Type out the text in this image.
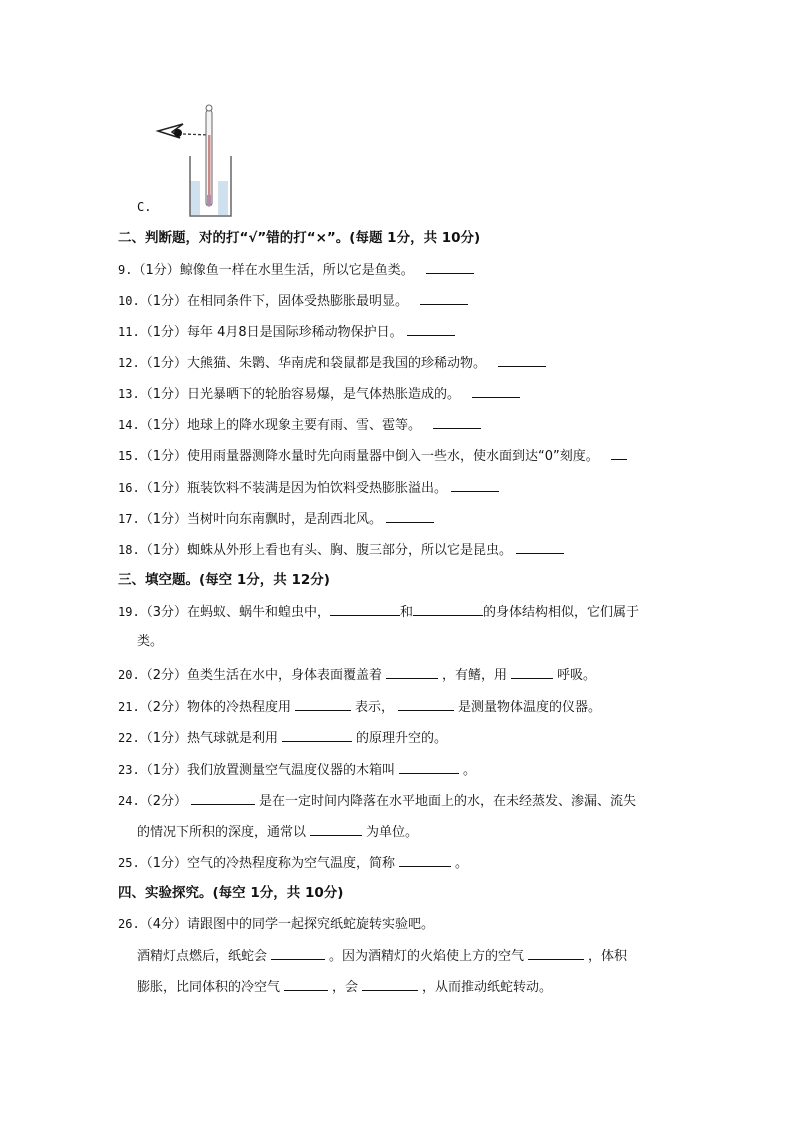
C.
二、判断题，对的打“√”错的打“×”。(每题 1分，共 10分)
9.（1分）鲸像鱼一样在水里生活，所以它是鱼类。
10.（1分）在相同条件下，固体受热膨胀最明显。
11.（1分）每年 4月8日是国际珍稀动物保护日。
12.（1分）大熊猫、朱鹮、华南虎和袋鼠都是我国的珍稀动物。
13.（1分）日光暴晒下的轮胎容易爆，是气体热胀造成的。
14.（1分）地球上的降水现象主要有雨、雪、雹等。
15.（1分）使用雨量器测降水量时先向雨量器中倒入一些水，使水面到达“0”刻度。
16.（1分）瓶装饮料不装满是因为怕饮料受热膨胀溢出。
17.（1分）当树叶向东南飘时，是刮西北风。
18.（1分）蜘蛛从外形上看也有头、胸、腹三部分，所以它是昆虫。
三、填空题。(每空 1分，共 12分)
19.（3分）在蚂蚁、蜗牛和蝗虫中，	和	的身体结构相似，它们属于
类。
20.（2分）鱼类生活在水中，身体表面覆盖着	，有鳍，用	呼吸。
21.（2分）物体的冷热程度用	表示，	是测量物体温度的仪器。
22.（1分）热气球就是利用	的原理升空的。
23.（1分）我们放置测量空气温度仪器的木箱叫	。
24.（2分）	是在一定时间内降落在水平地面上的水，在未经蒸发、渗漏、流失
的情况下所积的深度，通常以	为单位。
25.（1分）空气的冷热程度称为空气温度，简称	。
四、实验探究。(每空 1分，共 10分)
26.（4分）请跟图中的同学一起探究纸蛇旋转实验吧。
酒精灯点燃后，纸蛇会	。因为酒精灯的火焰使上方的空气	，体积
膨胀，比同体积的冷空气	，会	，从而推动纸蛇转动。
